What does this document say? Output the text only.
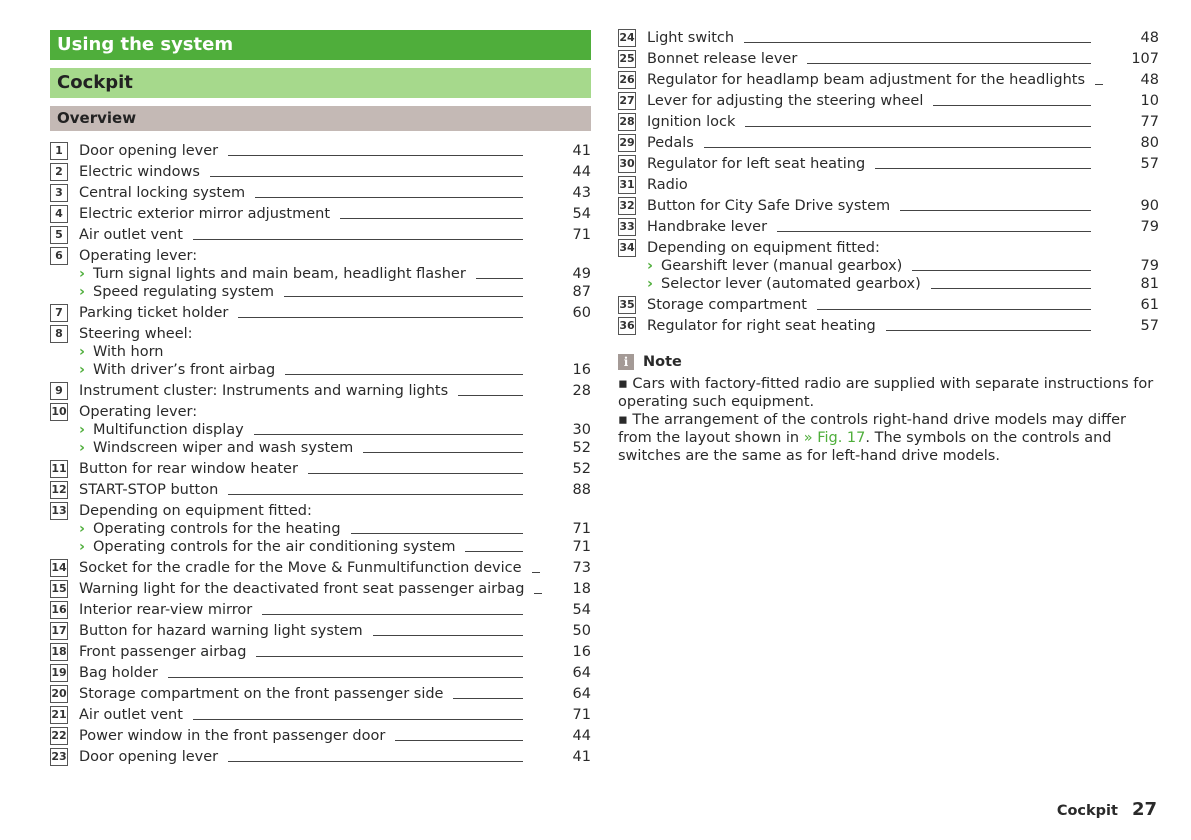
Using the system
Cockpit
Overview
1	Door opening lever	41
2	Electric windows	44
3	Central locking system	43
4	Electric exterior mirror adjustment	54
5	Air outlet vent	71
6	Operating lever:
› Turn signal lights and main beam, headlight flasher	49
› Speed regulating system	87
7	Parking ticket holder	60
8	Steering wheel:
› With horn
› With driver’s front airbag	16
9	Instrument cluster: Instruments and warning lights	28
10 Operating lever:
› Multifunction display	30
› Windscreen wiper and wash system	52
11 Button for rear window heater	52
12 START-STOP button	88
13 Depending on equipment fitted:
› Operating controls for the heating	71
› Operating controls for the air conditioning system	71
14 Socket for the cradle for the Move & Funmultifunction device	73
15 Warning light for the deactivated front seat passenger airbag	18
16 Interior rear-view mirror	54
17 Button for hazard warning light system	50
18 Front passenger airbag	16
19 Bag holder	64
20 Storage compartment on the front passenger side	64
21 Air outlet vent	71
22 Power window in the front passenger door	44
23 Door opening lever	41
24 Light switch	48
25 Bonnet release lever	107
26 Regulator for headlamp beam adjustment for the headlights	48
27 Lever for adjusting the steering wheel	10
28 Ignition lock	77
29 Pedals	80
30 Regulator for left seat heating	57
31 Radio
32 Button for City Safe Drive system	90
33 Handbrake lever	79
34 Depending on equipment fitted:
› Gearshift lever (manual gearbox)	79
› Selector lever (automated gearbox)	81
35 Storage compartment	61
36 Regulator for right seat heating	57
i	Note
▪ Cars with factory-fitted radio are supplied with separate instructions for operating such equipment.
▪ The arrangement of the controls right-hand drive models may differ from the layout shown in » Fig. 17. The symbols on the controls and switches are the same as for left-hand drive models.
Cockpit 27
